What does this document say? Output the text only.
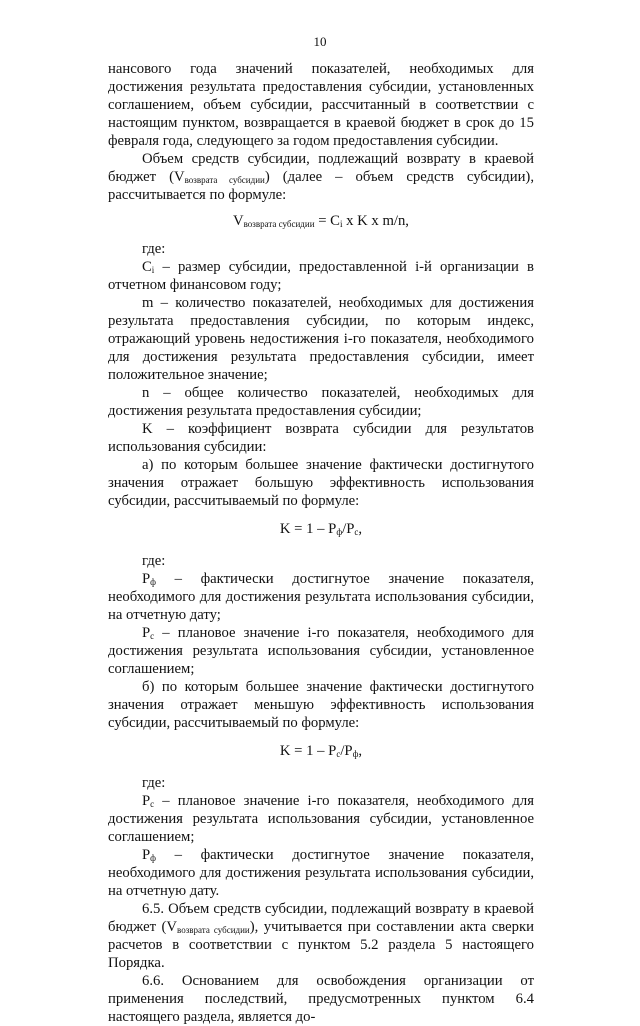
10

нансового года значений показателей, необходимых для достижения результата предоставления субсидии, установленных соглашением, объем субсидии, рассчитанный в соответствии с настоящим пунктом, возвращается в краевой бюджет в срок до 15 февраля года, следующего за годом предоставления субсидии.

Объем средств субсидии, подлежащий возврату в краевой бюджет $(V_{возврата субсидии})$ (далее – объем средств субсидии), рассчитывается по формуле:

$V_{возврата субсидии} = C_i$ x K x m/n,

где:

$C_i$ – размер субсидии, предоставленной i-й организации в отчетном финансовом году;

m – количество показателей, необходимых для достижения результата предоставления субсидии, по которым индекс, отражающий уровень недостижения i-го показателя, необходимого для достижения результата предоставления субсидии, имеет положительное значение;

n – общее количество показателей, необходимых для достижения результата предоставления субсидии;

K – коэффициент возврата субсидии для результатов использования субсидии:

а) по которым большее значение фактически достигнутого значения отражает большую эффективность использования субсидии, рассчитываемый по формуле:

$K = 1 - P_ф/P_c$,

где:

$P_ф$ – фактически достигнутое значение показателя, необходимого для достижения результата использования субсидии, на отчетную дату;

$P_c$ – плановое значение i-го показателя, необходимого для достижения результата использования субсидии, установленное соглашением;

б) по которым большее значение фактически достигнутого значения отражает меньшую эффективность использования субсидии, рассчитываемый по формуле:

$K = 1 - P_c/P_ф$,

где:

$P_c$ – плановое значение i-го показателя, необходимого для достижения результата использования субсидии, установленное соглашением;

$P_ф$ – фактически достигнутое значение показателя, необходимого для достижения результата использования субсидии, на отчетную дату.

6.5. Объем средств субсидии, подлежащий возврату в краевой бюджет $(V_{возврата субсидии})$, учитывается при составлении акта сверки расчетов в соответствии с пунктом 5.2 раздела 5 настоящего Порядка.

6.6. Основанием для освобождения организации от применения последствий, предусмотренных пунктом 6.4 настоящего раздела, является до-
